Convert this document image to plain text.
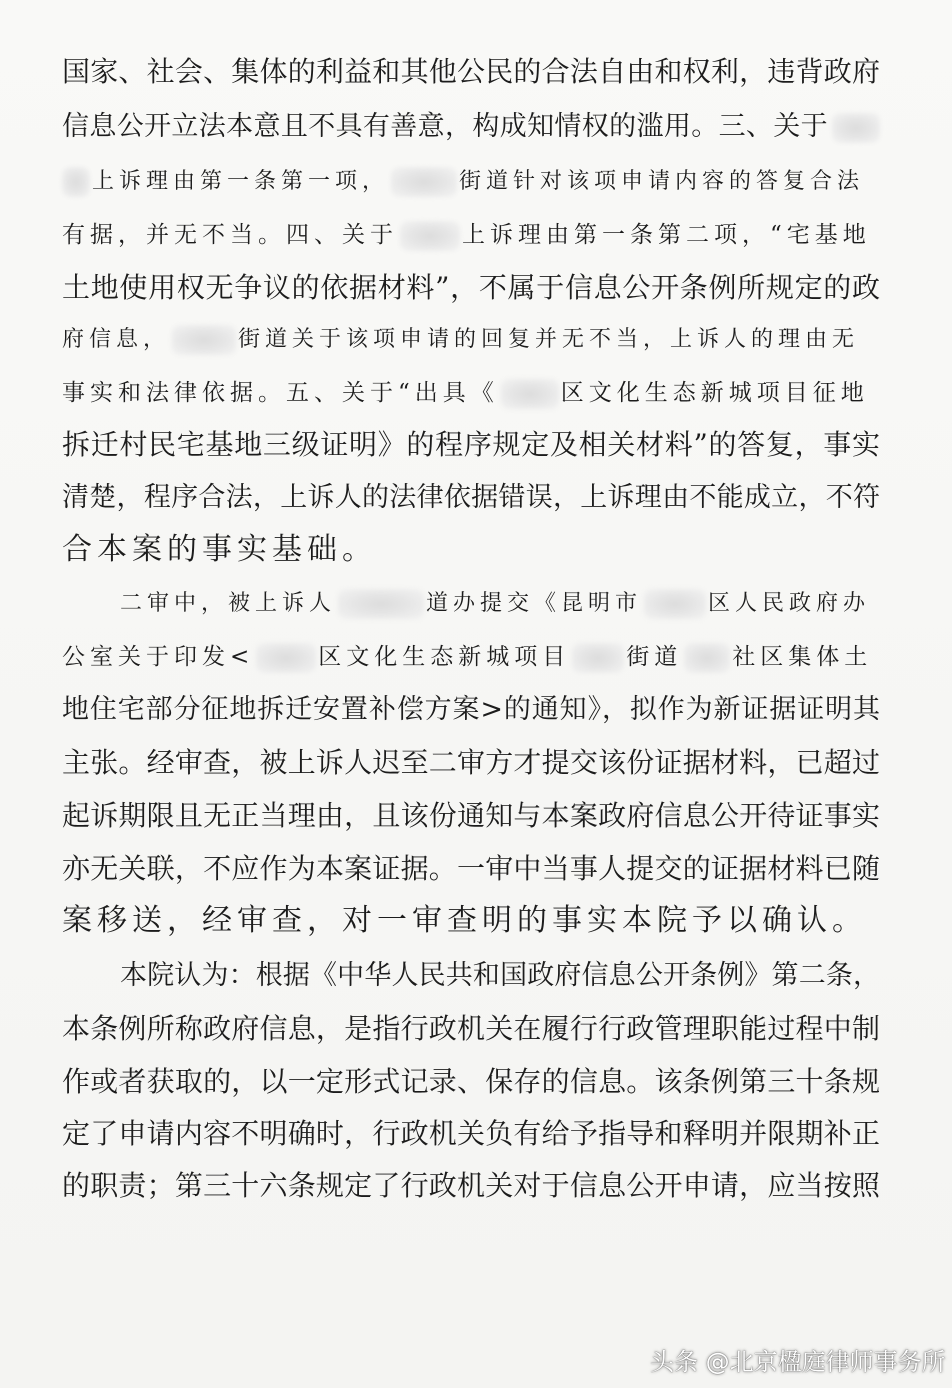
国家、社会、集体的利益和其他公民的合法自由和权利，违背政府
信息公开立法本意且不具有善意，构成知情权的滥用。三、关于
上诉理由第一条第一项，	街道针对该项申请内容的答复合法
有据，并无不当。四、关于	上诉理由第一条第二项，“宅基地
土地使用权无争议的依据材料”，不属于信息公开条例所规定的政
府信息，	街道关于该项申请的回复并无不当，上诉人的理由无
事实和法律依据。五、关于“出具《	区文化生态新城项目征地
拆迁村民宅基地三级证明》的程序规定及相关材料”的答复，事实
清楚，程序合法，上诉人的法律依据错误，上诉理由不能成立，不符
合本案的事实基础。
二审中，被上诉人	道办提交《昆明市	区人民政府办
公室关于印发<	区文化生态新城项目 街道 社区集体土
地住宅部分征地拆迁安置补偿方案>的通知》，拟作为新证据证明其
主张。经审查，被上诉人迟至二审方才提交该份证据材料，已超过
起诉期限且无正当理由，且该份通知与本案政府信息公开待证事实
亦无关联，不应作为本案证据。一审中当事人提交的证据材料已随
案移送，经审查，对一审查明的事实本院予以确认。
本院认为：根据《中华人民共和国政府信息公开条例》第二条，
本条例所称政府信息，是指行政机关在履行行政管理职能过程中制
作或者获取的，以一定形式记录、保存的信息。该条例第三十条规
定了申请内容不明确时，行政机关负有给予指导和释明并限期补正
的职责；第三十六条规定了行政机关对于信息公开申请，应当按照
头条 @北京楹庭律师事务所
